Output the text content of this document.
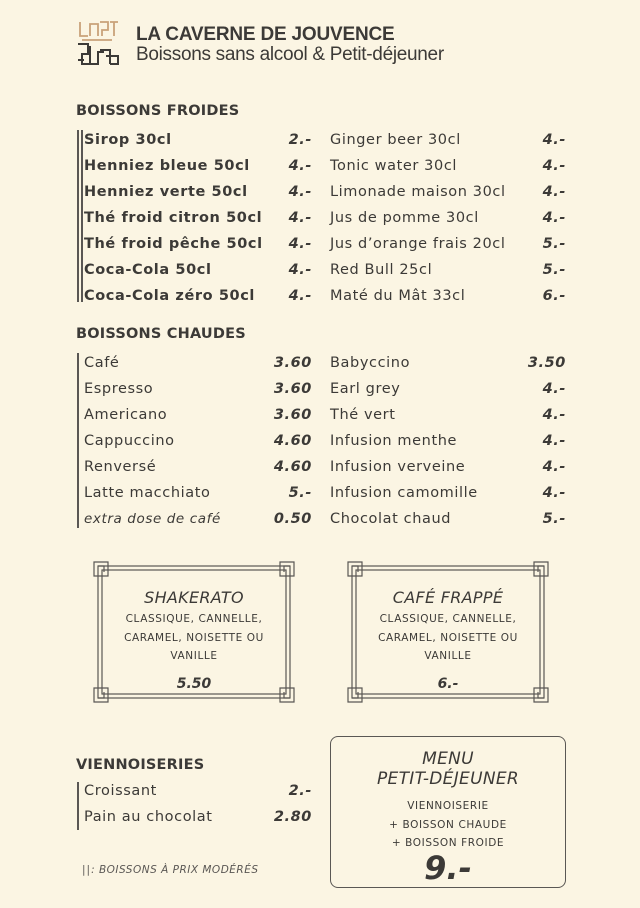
LA CAVERNE DE JOUVENCE
Boissons sans alcool & Petit-déjeuner
BOISSONS FROIDES
Sirop 30cl	2.-
Henniez bleue 50cl	4.-
Henniez verte 50cl	4.-
Thé froid citron 50cl 4.-
Thé froid pêche 50cl 4.-
Coca-Cola 50cl	4.-
Coca-Cola zéro 50cl 4.-
Ginger beer 30cl	4.-
Tonic water 30cl	4.-
Limonade maison 30cl	4.-
Jus de pomme 30cl	4.-
Jus d’orange frais 20cl	5.-
Red Bull 25cl	5.-
Maté du Mât 33cl	6.-
BOISSONS CHAUDES
Café	3.60
Espresso	3.60
Americano	3.60
Cappuccino	4.60
Renversé	4.60
Latte macchiato	5.-
extra dose de café	0.50
Babyccino	3.50
Earl grey	4.-
Thé vert	4.-
Infusion menthe	4.-
Infusion verveine	4.-
Infusion camomille	4.-
Chocolat chaud	5.-
SHAKERATO
CLASSIQUE, CANNELLE,
CARAMEL, NOISETTE OU
VANILLE
5.50
CAFÉ FRAPPÉ
CLASSIQUE, CANNELLE,
CARAMEL, NOISETTE OU
VANILLE
6.-
VIENNOISERIES
Croissant	2.-
Pain au chocolat	2.80
MENU
PETIT-DÉJEUNER
VIENNOISERIE
+ BOISSON CHAUDE
+ BOISSON FROIDE
9.-
||: BOISSONS À PRIX MODÉRÉS
